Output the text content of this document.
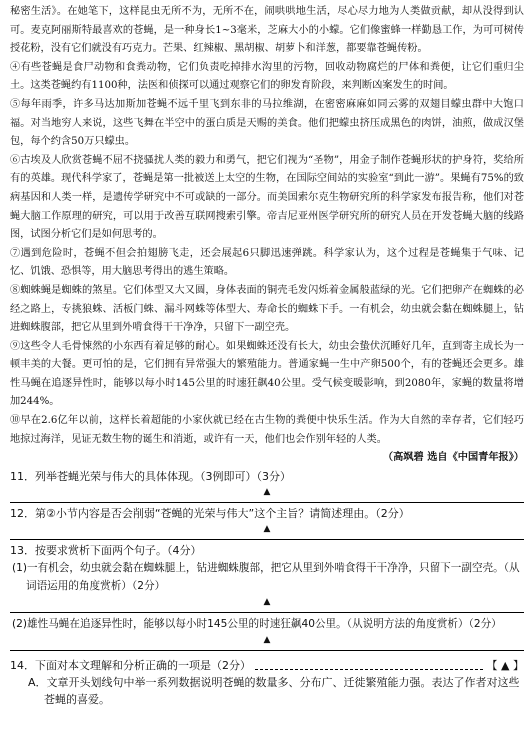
秘密生活》。在她笔下，这样昆虫无所不为，无所不在，闹哄哄地生活，尽心尽力地为人类做贡献，却从没得到认可。麦克阿丽斯特最喜欢的苍蝇，是一种身长1~3毫米，芝麻大小的小蠓。它们像蜜蜂一样勤恳工作，为可可树传授花粉，没有它们就没有巧克力。芒果、红辣椒、黑胡椒、胡萝卜和洋葱，都要靠苍蝇传粉。

④有些苍蝇是食尸动物和食粪动物，它们负责吃掉排水沟里的污物，回收动物腐烂的尸体和粪便，让它们重归尘土。这类苍蝇约有1100种，法医和侦探可以通过观察它们的卵发育阶段，来判断凶案发生的时间。

⑤每年雨季，许多马达加斯加苍蝇不远千里飞到东非的马拉维湖，在密密麻麻如同云雾的双翅目蠓虫群中大饱口福。对当地穷人来说，这些飞舞在半空中的蛋白质是天赐的美食。他们把蠓虫挤压成黑色的肉饼，油煎，做成汉堡包，每个约含50万只蠓虫。

⑥古埃及人欣赏苍蝇不屈不挠骚扰人类的毅力和勇气，把它们视为“圣物”，用金子制作苍蝇形状的护身符，奖给所有的英雄。现代科学家了，苍蝇是第一批被送上太空的生物，在国际空间站的实验室“到此一游”。果蝇有75%的致病基因和人类一样，是遗传学研究中不可或缺的一部分。而美国索尔克生物研究所的科学家发布报告称，他们对苍蝇大脑工作原理的研究，可以用于改善互联网搜索引擎。帝吉尼亚州医学研究所的研究人员在开发苍蝇大脑的线路图，试图分析它们是如何思考的。

⑦遇到危险时，苍蝇不但会拍翅膀飞走，还会展起6只脚迅速弹跳。科学家认为，这个过程是苍蝇集于气味、记忆、饥饿、恐惧等，用大脑思考得出的逃生策略。

⑧蜘蛛蝇是蜘蛛的煞星。它们体型又大又圆，身体表面的铜壳毛发闪烁着金属般蓝绿的光。它们把卵产在蜘蛛的必经之路上，专挑狼蛛、活板门蛛、漏斗网蛛等体型大、寿命长的蜘蛛下手。一有机会，幼虫就会黏在蜘蛛腿上，钻进蜘蛛腹部，把它从里到外啃食得干干净净，只留下一副空壳。

⑨这些令人毛骨悚然的小东西有着足够的耐心。如果蜘蛛还没有长大，幼虫会蛰伏沉睡好几年，直到寄主成长为一顿丰美的大餐。更可怕的是，它们拥有异常强大的繁殖能力。普通家蝇一生中产卵500个，有的苍蝇还会更多。雄性马蝇在追逐异性时，能够以每小时145公里的时速狂飙40公里。受气候变暖影响，到2080年，家蝇的数量将增加244%。

⑩早在2.6亿年以前，这样长着超能的小家伙就已经在古生物的粪便中快乐生活。作为大自然的幸存者，它们轻巧地掠过海洋，见证无数生物的诞生和消逝，或许有一天，他们也会作别年轻的人类。

（高飒碧 选自《中国青年报》）

11．列举苍蝇光荣与伟大的具体体现。（3例即可）（3分）

▲

12．第②小节内容是否会削弱“苍蝇的光荣与伟大”这个主旨？请简述理由。（2分）

▲

13．按要求赏析下面两个句子。（4分）

(1)一有机会，幼虫就会黏在蜘蛛腿上，钻进蜘蛛腹部，把它从里到外啃食得干干净净，只留下一副空壳。（从词语运用的角度赏析）（2分）

▲

(2)雄性马蝇在追逐异性时，能够以每小时145公里的时速狂飙40公里。（从说明方法的角度赏析）（2分）

▲
14．下面对本文理解和分析正确的一项是（2分）	【 ▲ 】

A．文章开头划线句中举一系列数据说明苍蝇的数量多、分布广、迁徙繁殖能力强。表达了作者对这些苍蝇的喜爱。
